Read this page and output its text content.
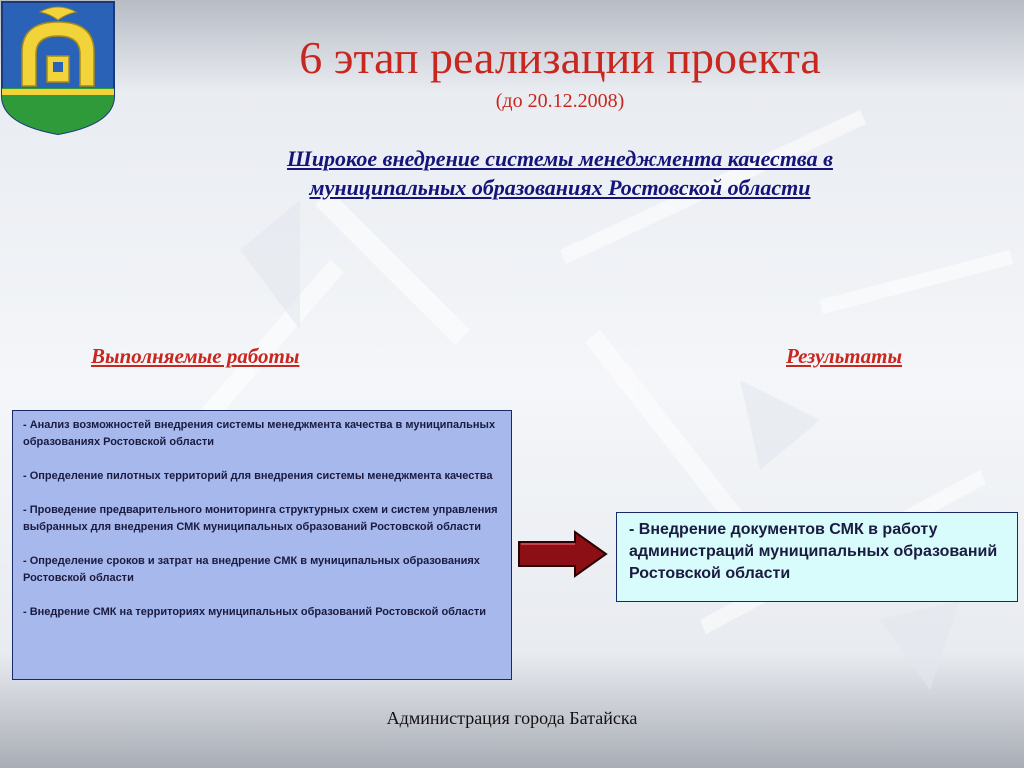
6 этап реализации проекта
(до 20.12.2008)
Широкое внедрение системы менеджмента качества в муниципальных образованиях Ростовской области
Выполняемые работы	Результаты
- Анализ возможностей внедрения системы менеджмента качества в муниципальных образованиях Ростовской области
- Определение пилотных территорий для внедрения системы менеджмента качества
- Проведение предварительного мониторинга структурных схем и систем управления выбранных для внедрения СМК муниципальных образований Ростовской области
- Определение сроков и затрат на внедрение СМК в муниципальных образованиях Ростовской области
- Внедрение СМК на территориях муниципальных образований Ростовской области
- Внедрение документов СМК в работу администраций муниципальных образований Ростовской области
Администрация города Батайска
